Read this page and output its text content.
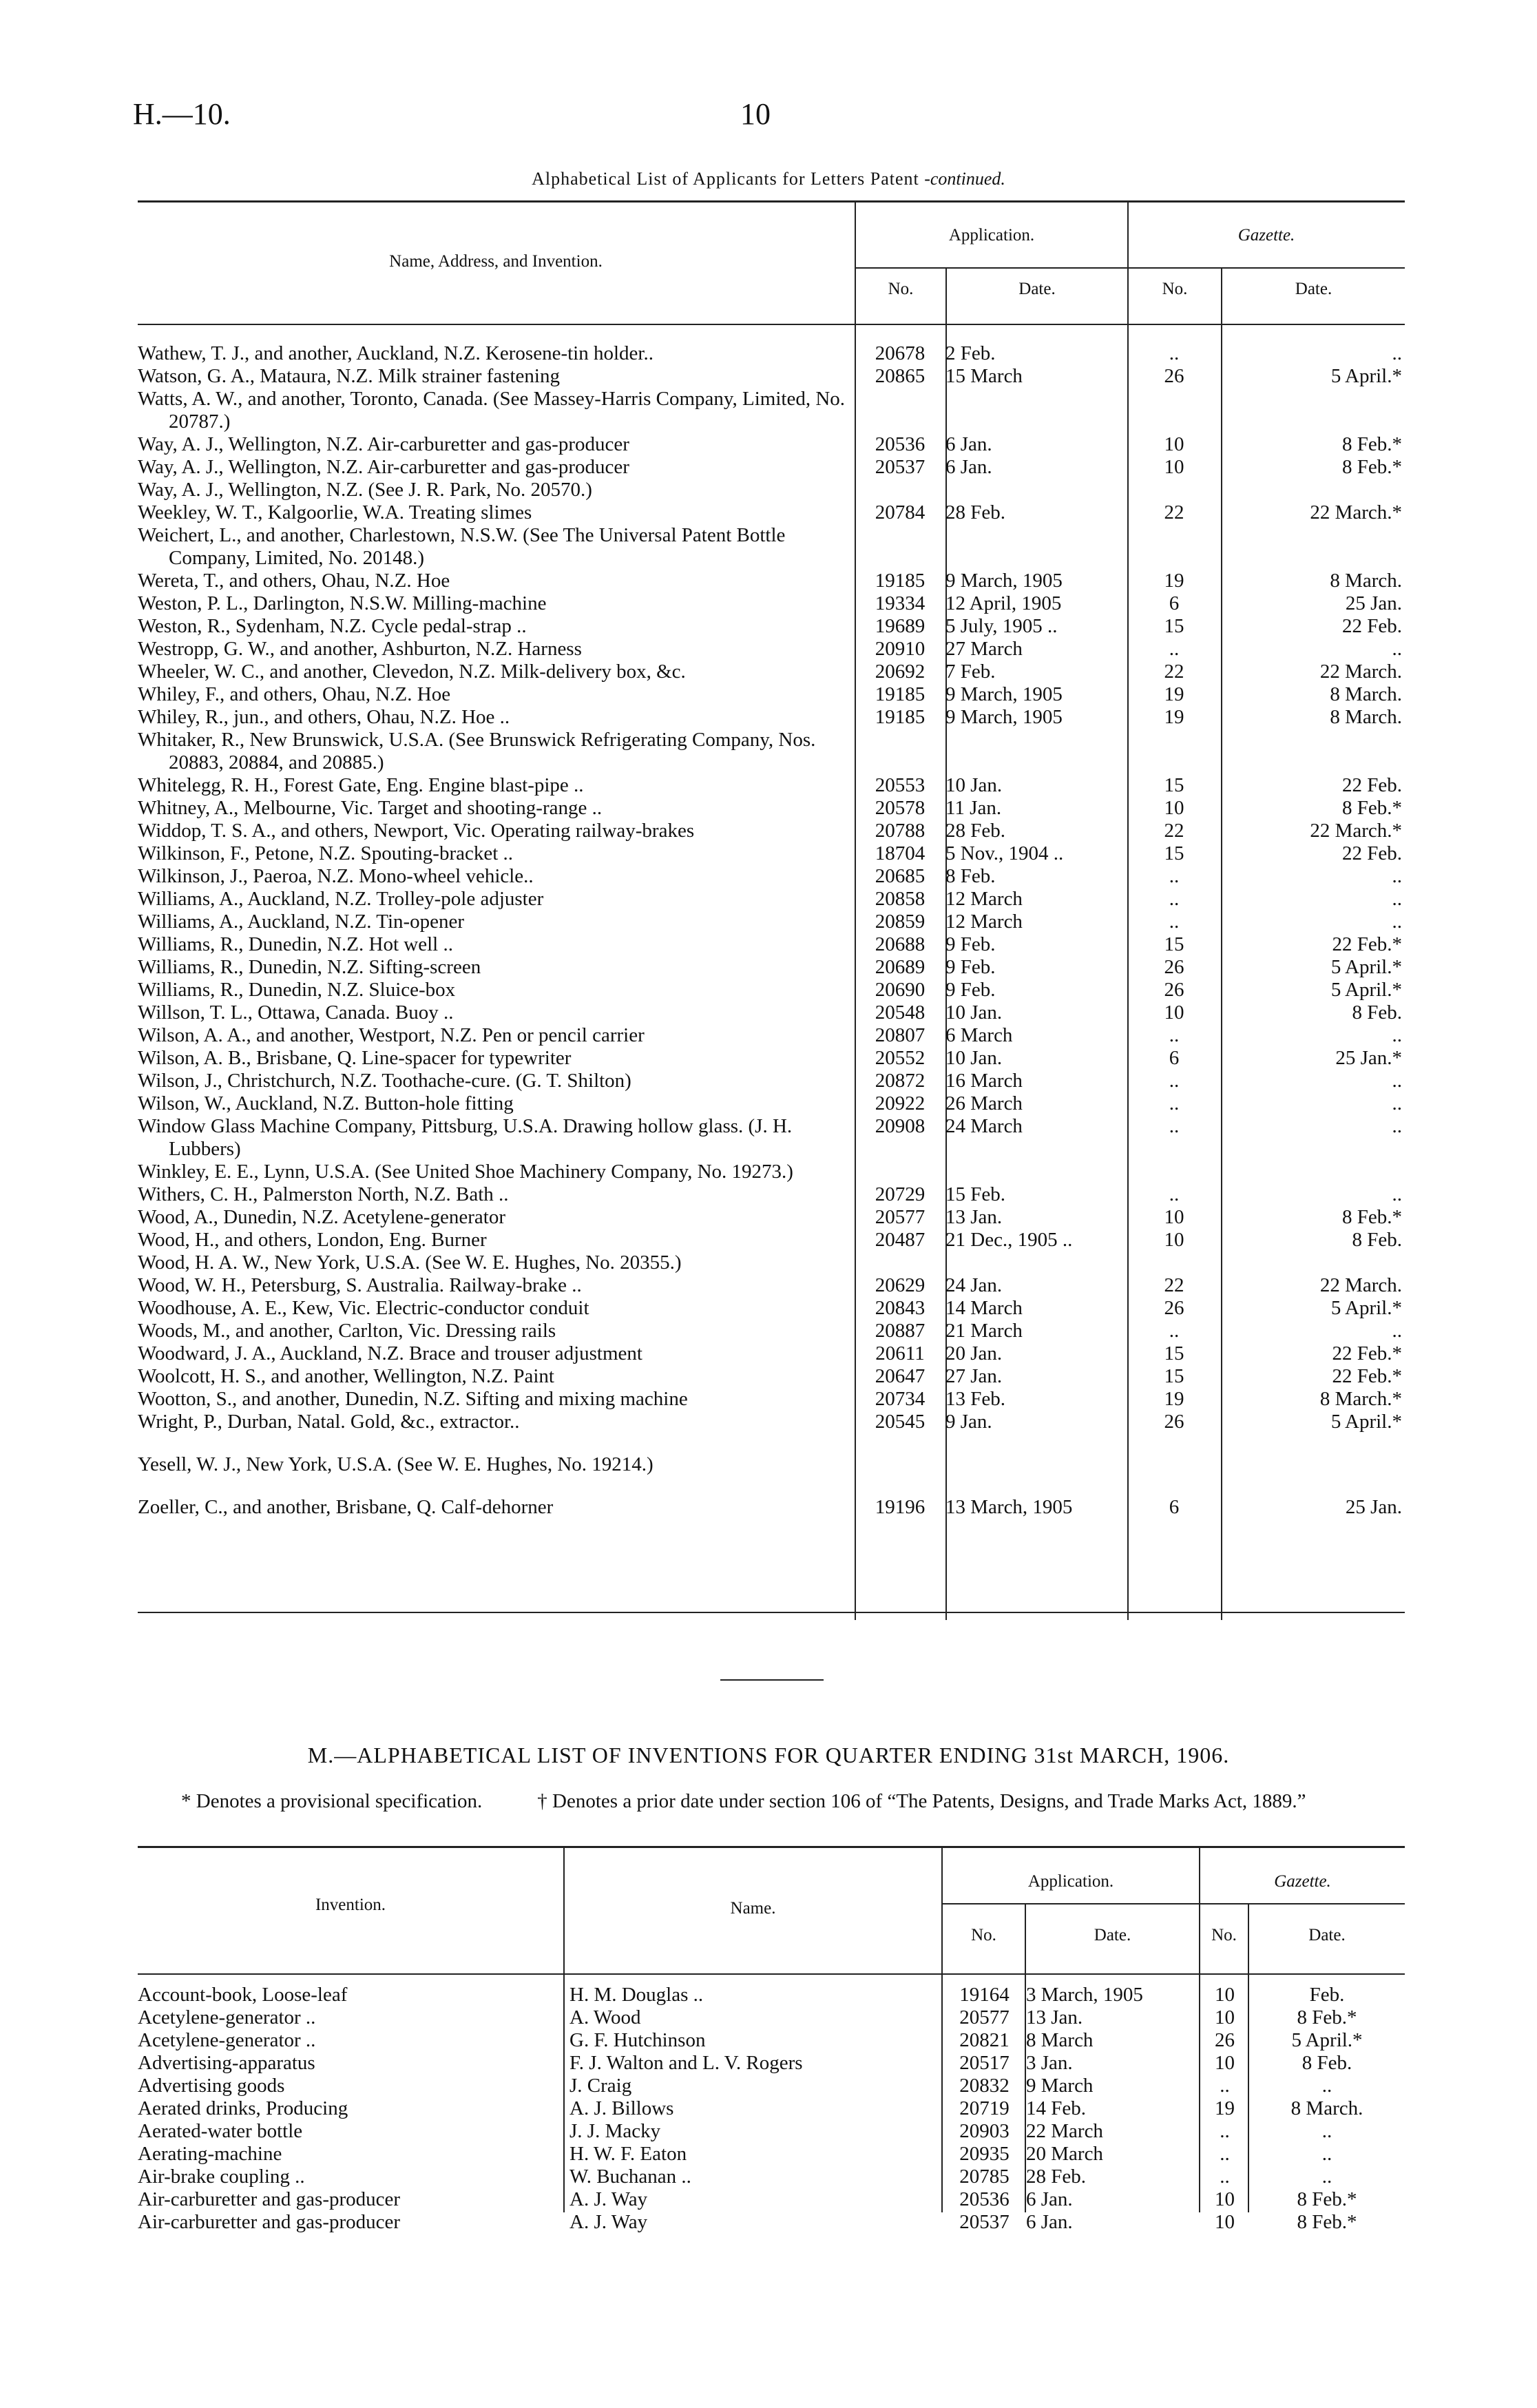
H.—10.	10
Alphabetical List of Applicants for Letters Patent -continued.
Name, Address, and Invention.
Application.	Gazette.
No.	Date.	No.	Date.
Wathew, T. J., and another, Auckland, N.Z. Kerosene-tin holder..	20678	2 Feb.	..	..
Watson, G. A., Mataura, N.Z. Milk strainer fastening	20865	15 March	26	5 April.*
Watts, A. W., and another, Toronto, Canada. (See Massey-Harris Company, Limited, No. 20787.)				
Way, A. J., Wellington, N.Z. Air-carburetter and gas-producer	20536	6 Jan.	10	8 Feb.*
Way, A. J., Wellington, N.Z. Air-carburetter and gas-producer	20537	6 Jan.	10	8 Feb.*
Way, A. J., Wellington, N.Z. (See J. R. Park, No. 20570.)				
Weekley, W. T., Kalgoorlie, W.A. Treating slimes	20784	28 Feb.	22	22 March.*
Weichert, L., and another, Charlestown, N.S.W. (See The Universal Patent Bottle Company, Limited, No. 20148.)				
Wereta, T., and others, Ohau, N.Z. Hoe	19185	9 March, 1905	19	8 March.
Weston, P. L., Darlington, N.S.W. Milling-machine	19334	12 April, 1905	6	25 Jan.
Weston, R., Sydenham, N.Z. Cycle pedal-strap ..	19689	5 July, 1905 ..	15	22 Feb.
Westropp, G. W., and another, Ashburton, N.Z. Harness	20910	27 March	..	..
Wheeler, W. C., and another, Clevedon, N.Z. Milk-delivery box, &c.	20692	7 Feb.	22	22 March.
Whiley, F., and others, Ohau, N.Z. Hoe	19185	9 March, 1905	19	8 March.
Whiley, R., jun., and others, Ohau, N.Z. Hoe ..	19185	9 March, 1905	19	8 March.
Whitaker, R., New Brunswick, U.S.A. (See Brunswick Refrigerating Company, Nos. 20883, 20884, and 20885.)				
Whitelegg, R. H., Forest Gate, Eng. Engine blast-pipe ..	20553	10 Jan.	15	22 Feb.
Whitney, A., Melbourne, Vic. Target and shooting-range ..	20578	11 Jan.	10	8 Feb.*
Widdop, T. S. A., and others, Newport, Vic. Operating railway-brakes	20788	28 Feb.	22	22 March.*
Wilkinson, F., Petone, N.Z. Spouting-bracket ..	18704	5 Nov., 1904 ..	15	22 Feb.
Wilkinson, J., Paeroa, N.Z. Mono-wheel vehicle..	20685	8 Feb.	..	..
Williams, A., Auckland, N.Z. Trolley-pole adjuster	20858	12 March	..	..
Williams, A., Auckland, N.Z. Tin-opener	20859	12 March	..	..
Williams, R., Dunedin, N.Z. Hot well ..	20688	9 Feb.	15	22 Feb.*
Williams, R., Dunedin, N.Z. Sifting-screen	20689	9 Feb.	26	5 April.*
Williams, R., Dunedin, N.Z. Sluice-box	20690	9 Feb.	26	5 April.*
Willson, T. L., Ottawa, Canada. Buoy ..	20548	10 Jan.	10	8 Feb.
Wilson, A. A., and another, Westport, N.Z. Pen or pencil carrier	20807	6 March	..	..
Wilson, A. B., Brisbane, Q. Line-spacer for typewriter	20552	10 Jan.	6	25 Jan.*
Wilson, J., Christchurch, N.Z. Toothache-cure. (G. T. Shilton)	20872	16 March	..	..
Wilson, W., Auckland, N.Z. Button-hole fitting	20922	26 March	..	..
Window Glass Machine Company, Pittsburg, U.S.A. Drawing hollow glass. (J. H. Lubbers)	20908	24 March	..	..
Winkley, E. E., Lynn, U.S.A. (See United Shoe Machinery Company, No. 19273.)				
Withers, C. H., Palmerston North, N.Z. Bath ..	20729	15 Feb.	..	..
Wood, A., Dunedin, N.Z. Acetylene-generator	20577	13 Jan.	10	8 Feb.*
Wood, H., and others, London, Eng. Burner	20487	21 Dec., 1905 ..	10	8 Feb.
Wood, H. A. W., New York, U.S.A. (See W. E. Hughes, No. 20355.)				
Wood, W. H., Petersburg, S. Australia. Railway-brake ..	20629	24 Jan.	22	22 March.
Woodhouse, A. E., Kew, Vic. Electric-conductor conduit	20843	14 March	26	5 April.*
Woods, M., and another, Carlton, Vic. Dressing rails	20887	21 March	..	..
Woodward, J. A., Auckland, N.Z. Brace and trouser adjustment	20611	20 Jan.	15	22 Feb.*
Woolcott, H. S., and another, Wellington, N.Z. Paint	20647	27 Jan.	15	22 Feb.*
Wootton, S., and another, Dunedin, N.Z. Sifting and mixing machine	20734	13 Feb.	19	8 March.*
Wright, P., Durban, Natal. Gold, &c., extractor..	20545	9 Jan.	26	5 April.*
Yesell, W. J., New York, U.S.A. (See W. E. Hughes, No. 19214.)				
Zoeller, C., and another, Brisbane, Q. Calf-dehorner	19196	13 March, 1905	6	25 Jan.
M.—ALPHABETICAL LIST OF INVENTIONS FOR QUARTER ENDING 31st MARCH, 1906.
* Denotes a provisional specification.	† Denotes a prior date under section 106 of “The Patents, Designs, and Trade Marks Act, 1889.”
Invention.	Name.
Application.	Gazette.
No.	Date.	No.	Date.
Account-book, Loose-leaf	H. M. Douglas ..	19164	3 March, 1905	10	Feb.
Acetylene-generator ..	A. Wood	20577	13 Jan.	10	8 Feb.*
Acetylene-generator ..	G. F. Hutchinson	20821	8 March	26	5 April.*
Advertising-apparatus	F. J. Walton and L. V. Rogers	20517	3 Jan.	10	8 Feb.
Advertising goods	J. Craig	20832	9 March	..	..
Aerated drinks, Producing	A. J. Billows	20719	14 Feb.	19	8 March.
Aerated-water bottle	J. J. Macky	20903	22 March	..	..
Aerating-machine	H. W. F. Eaton	20935	20 March	..	..
Air-brake coupling ..	W. Buchanan ..	20785	28 Feb.	..	..
Air-carburetter and gas-producer	A. J. Way	20536	6 Jan.	10	8 Feb.*
Air-carburetter and gas-producer	A. J. Way	20537	6 Jan.	10	8 Feb.*
